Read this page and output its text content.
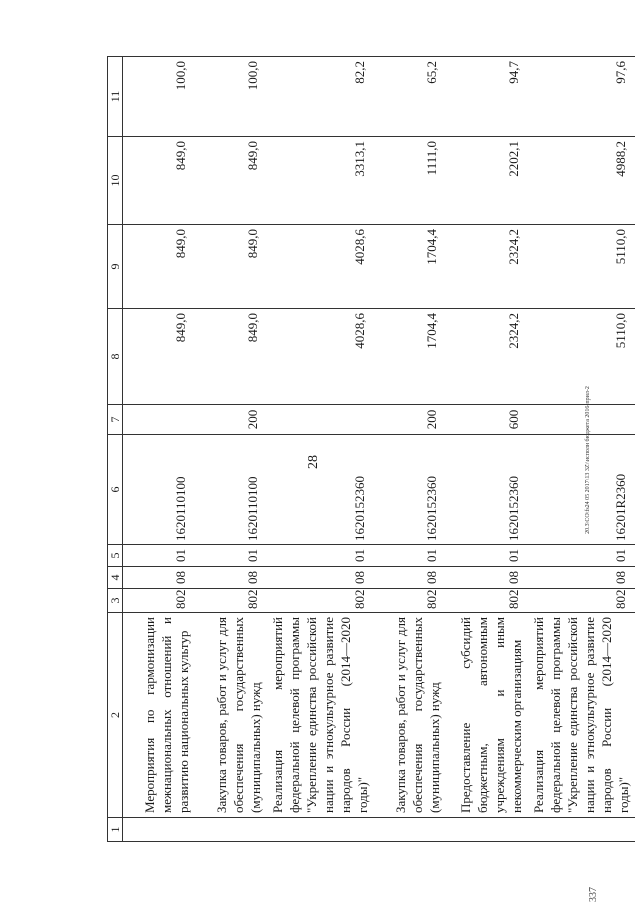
28	20.3\CO\fs24 05 2017\13 3Z\\исполн бюджета 2016-прил-2
337
1	2	3	4	5	6	7	8	9	10	11
	Мероприятия по гармонизации межнациональных отношений и развитию национальных культур	802	08	01	1620110100		849,0	849,0	849,0	100,0
	Закупка товаров, работ и услуг для обеспечения государственных (муниципальных) нужд	802	08	01	1620110100	200	849,0	849,0	849,0	100,0
	Реализация мероприятий федеральной целевой программы "Укрепление единства российской нации и этнокультурное развитие народов России (2014—2020 годы)"	802	08	01	1620152360		4028,6	4028,6	3313,1	82,2
	Закупка товаров, работ и услуг для обеспечения государственных (муниципальных) нужд	802	08	01	1620152360	200	1704,4	1704,4	1111,0	65,2
	Предоставление субсидий бюджетным, автономным учреждениям и иным некоммерческим организациям	802	08	01	1620152360	600	2324,2	2324,2	2202,1	94,7
	Реализация мероприятий федеральной целевой программы "Укрепление единства российской нации и этнокультурное развитие народов России (2014—2020 годы)"	802	08	01	16201R2360		5110,0	5110,0	4988,2	97,6
